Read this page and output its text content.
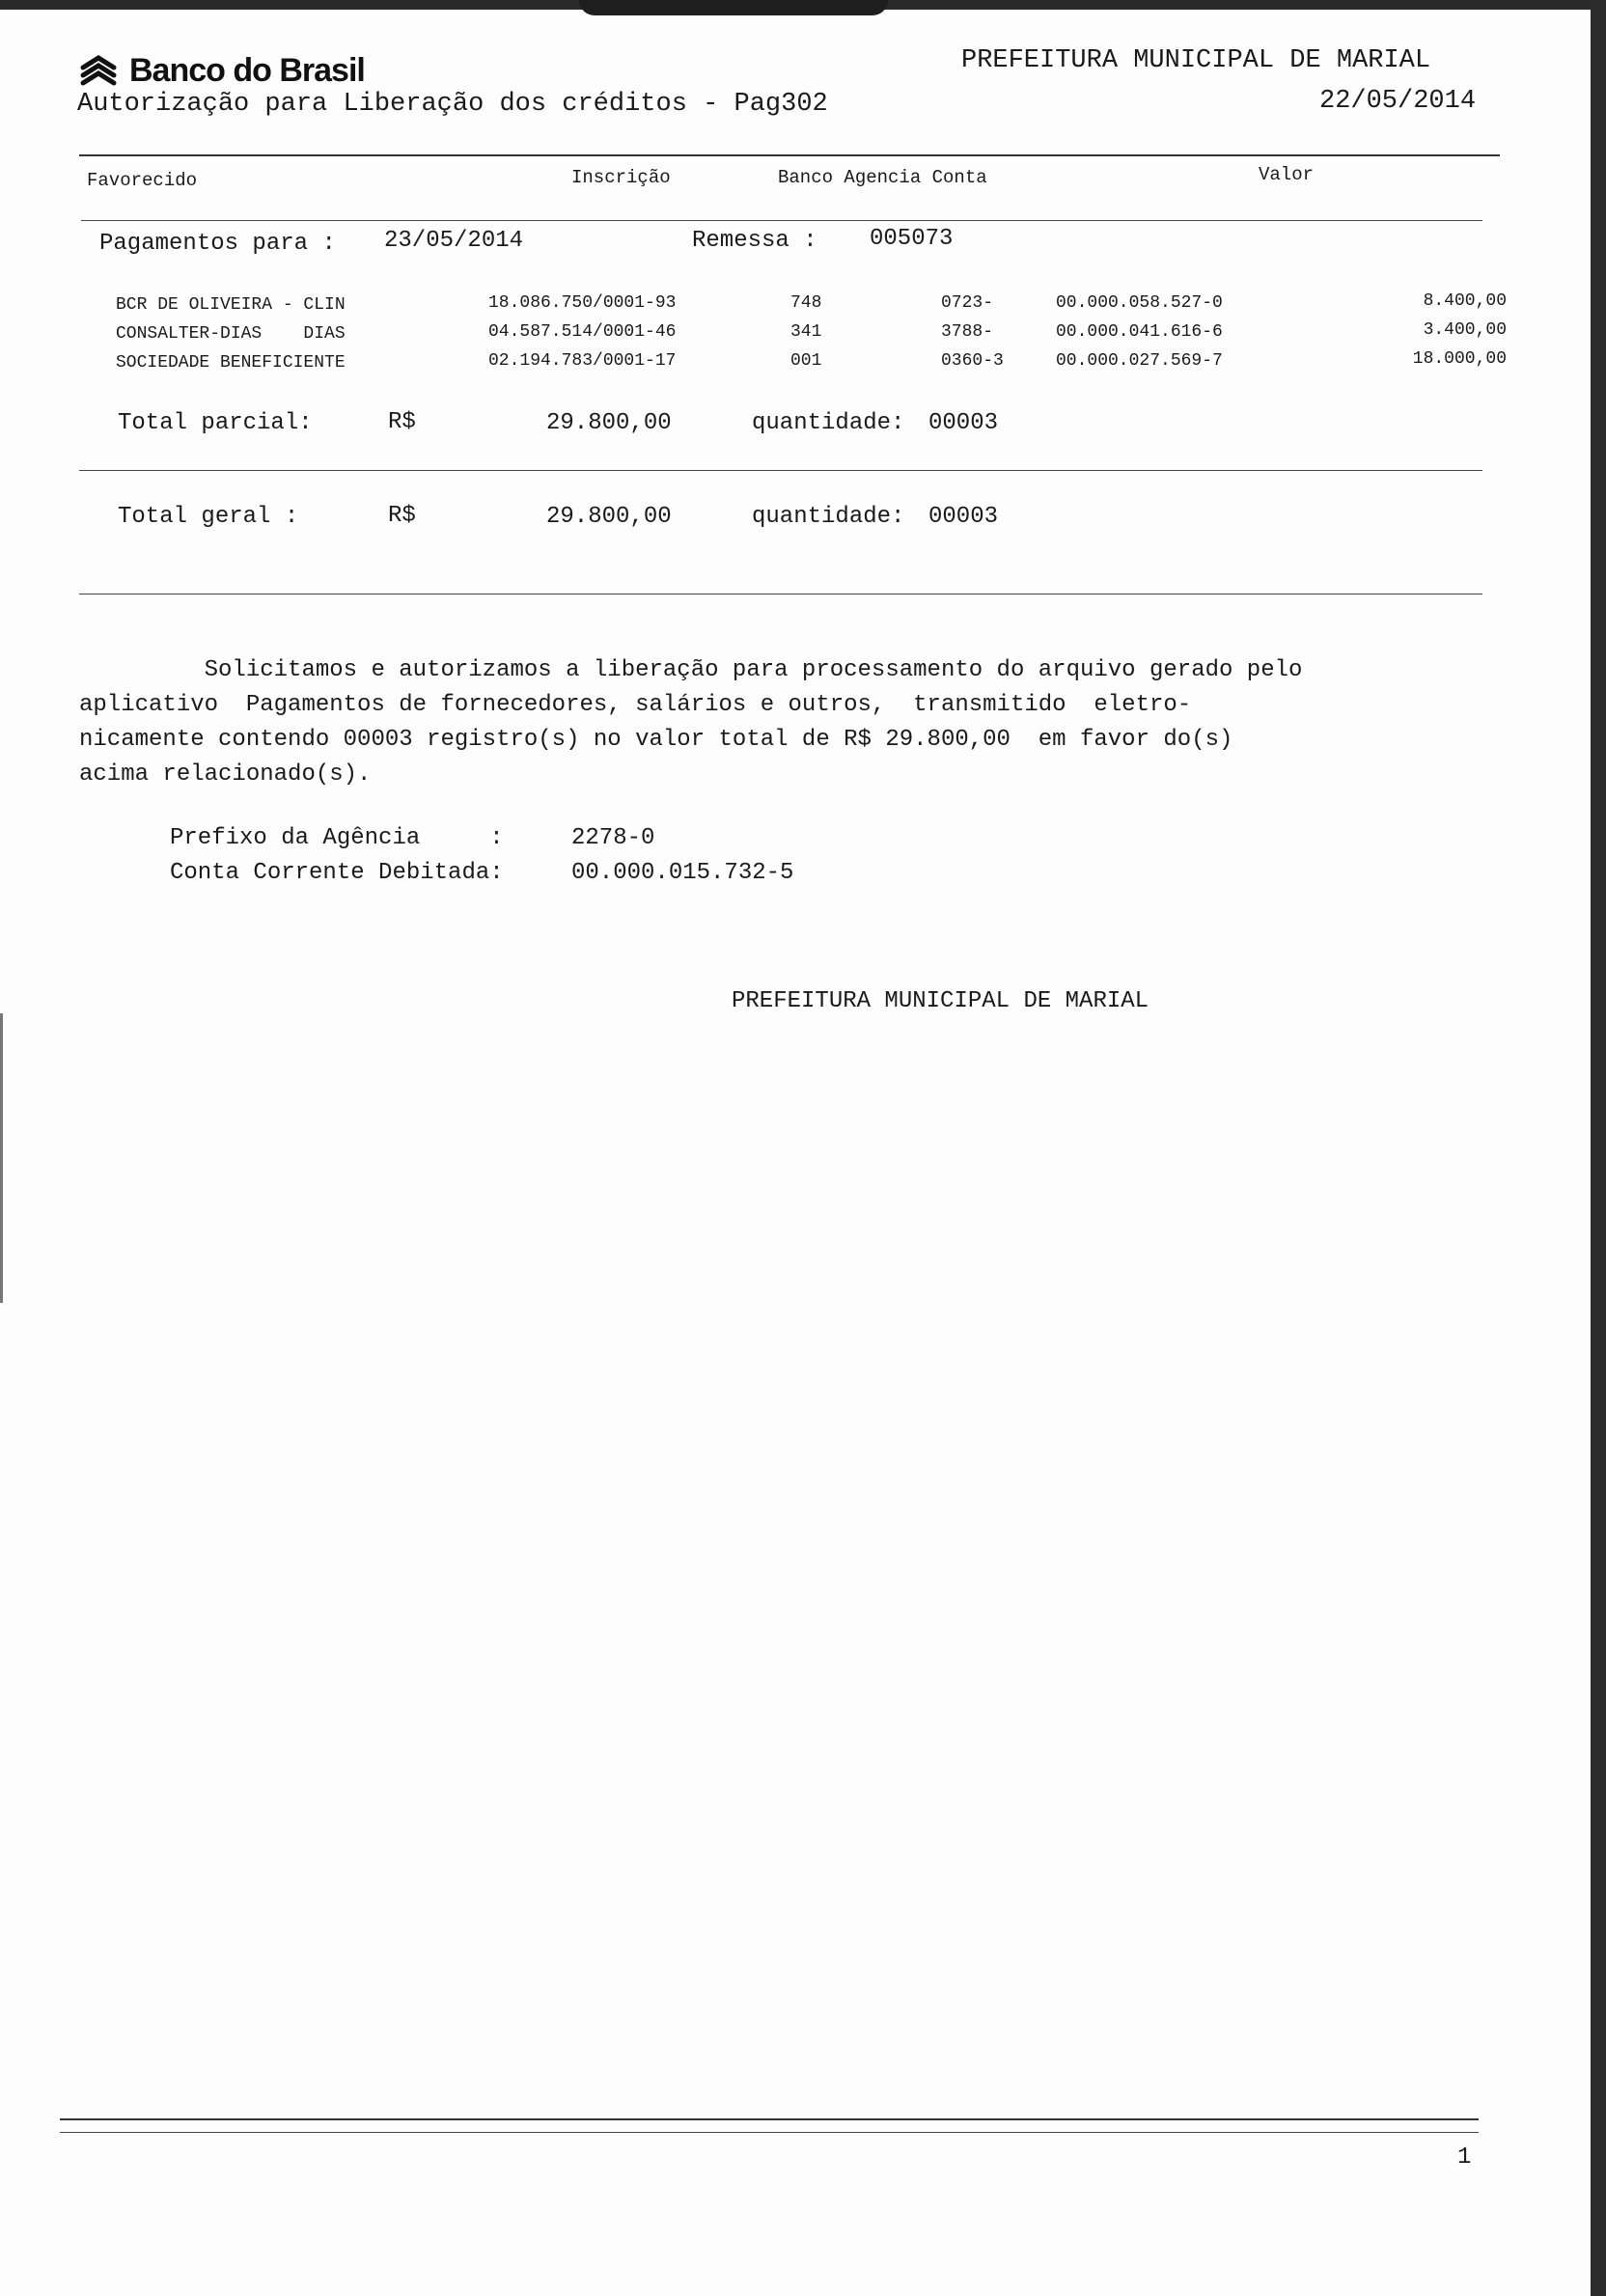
Banco do Brasil
Autorização para Liberação dos créditos - Pag302
PREFEITURA MUNICIPAL DE MARIAL
22/05/2014
Favorecido	Inscrição	Banco Agencia Conta	Valor
Pagamentos para : 23/05/2014	Remessa : 005073
BCR DE OLIVEIRA - CLIN	18.086.750/0001-93	748	0723-	00.000.058.527-0	8.400,00
CONSALTER-DIAS    DIAS	04.587.514/0001-46	341	3788-	00.000.041.616-6	3.400,00
SOCIEDADE BENEFICIENTE	02.194.783/0001-17	001	0360-3	00.000.027.569-7	18.000,00
Total parcial:	R$	29.800,00	quantidade: 00003
Total geral :	R$	29.800,00	quantidade: 00003
Solicitamos e autorizamos a liberação para processamento do arquivo gerado pelo
aplicativo  Pagamentos de fornecedores, salários e outros,  transmitido  eletro-
nicamente contendo 00003 registro(s) no valor total de R$ 29.800,00  em favor do(s)
acima relacionado(s).
Prefixo da Agência     :	2278-0
Conta Corrente Debitada:	00.000.015.732-5
PREFEITURA MUNICIPAL DE MARIAL
1
